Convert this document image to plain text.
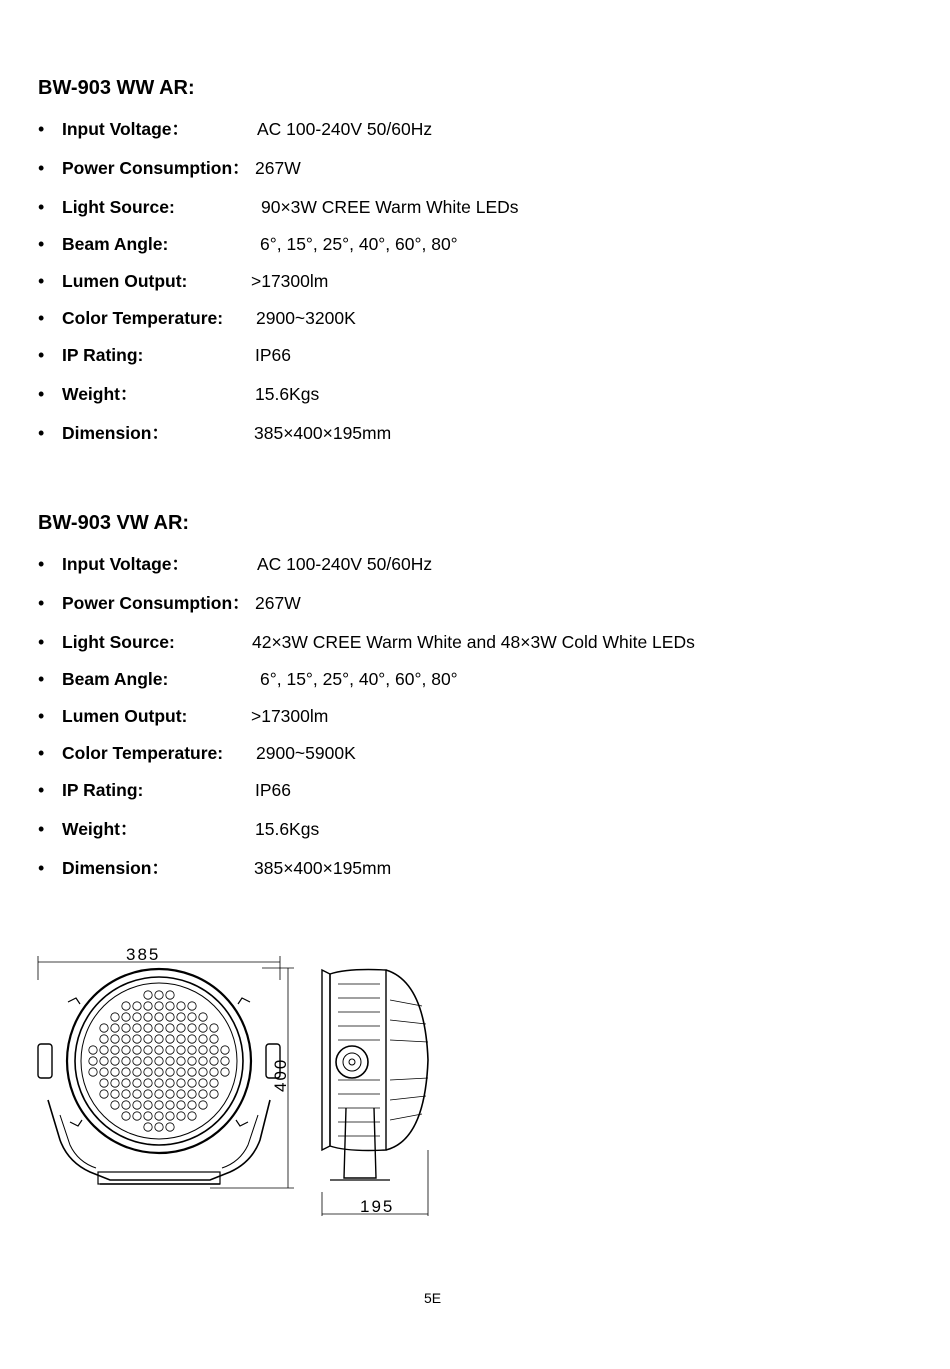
BW-903 WW AR:
• Input Voltage：	AC 100-240V 50/60Hz
• Power Consumption： 267W
• Light Source:	90×3W CREE Warm White LEDs
• Beam Angle:	6°, 15°, 25°, 40°, 60°, 80°
• Lumen Output:	>17300lm
• Color Temperature: 2900~3200K
• IP Rating:	IP66
• Weight：	15.6Kgs
• Dimension：	385×400×195mm
BW-903 VW AR:
• Input Voltage：	AC 100-240V 50/60Hz
• Power Consumption： 267W
• Light Source:	42×3W CREE Warm White and 48×3W Cold White LEDs
• Beam Angle:	6°, 15°, 25°, 40°, 60°, 80°
• Lumen Output:	>17300lm
• Color Temperature: 2900~5900K
• IP Rating:	IP66
• Weight：	15.6Kgs
• Dimension：	385×400×195mm
385
400
195
5E
